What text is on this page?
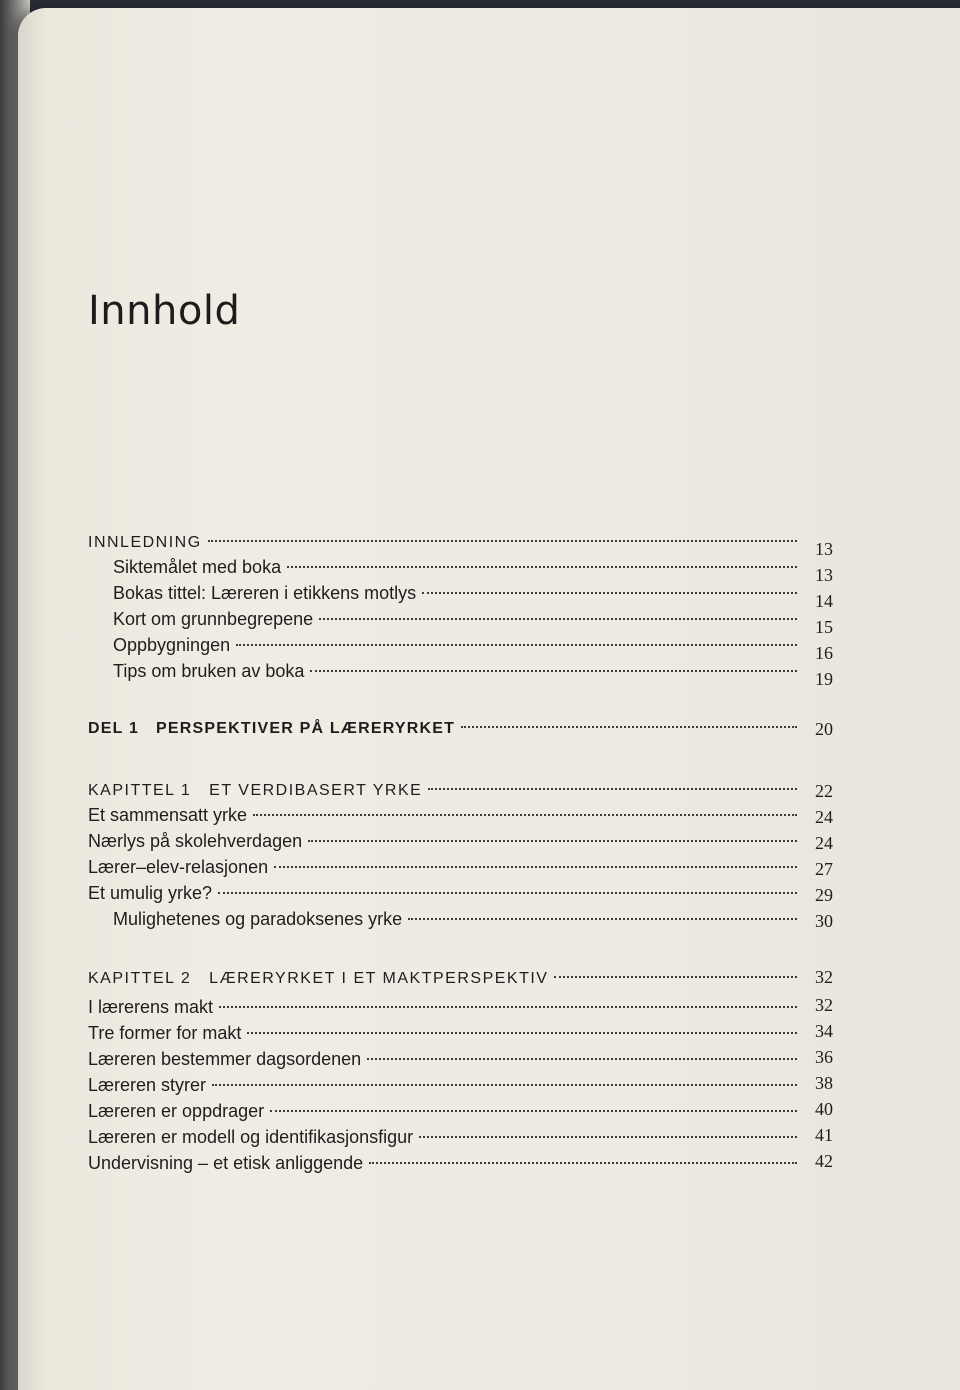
Innhold
INNLEDNING	13
Siktemålet med boka	13
Bokas tittel: Læreren i etikkens motlys	14
Kort om grunnbegrepene	15
Oppbygningen	16
Tips om bruken av boka	19
DEL 1   PERSPEKTIVER PÅ LÆRERYRKET	20
KAPITTEL 1   ET VERDIBASERT YRKE	22
Et sammensatt yrke	24
Nærlys på skolehverdagen	24
Lærer–elev-relasjonen	27
Et umulig yrke?	29
Mulighetenes og paradoksenes yrke	30
KAPITTEL 2   LÆRERYRKET I ET MAKTPERSPEKTIV	32
I lærerens makt	32
Tre former for makt	34
Læreren bestemmer dagsordenen	36
Læreren styrer	38
Læreren er oppdrager	40
Læreren er modell og identifikasjonsfigur	41
Undervisning – et etisk anliggende	42
